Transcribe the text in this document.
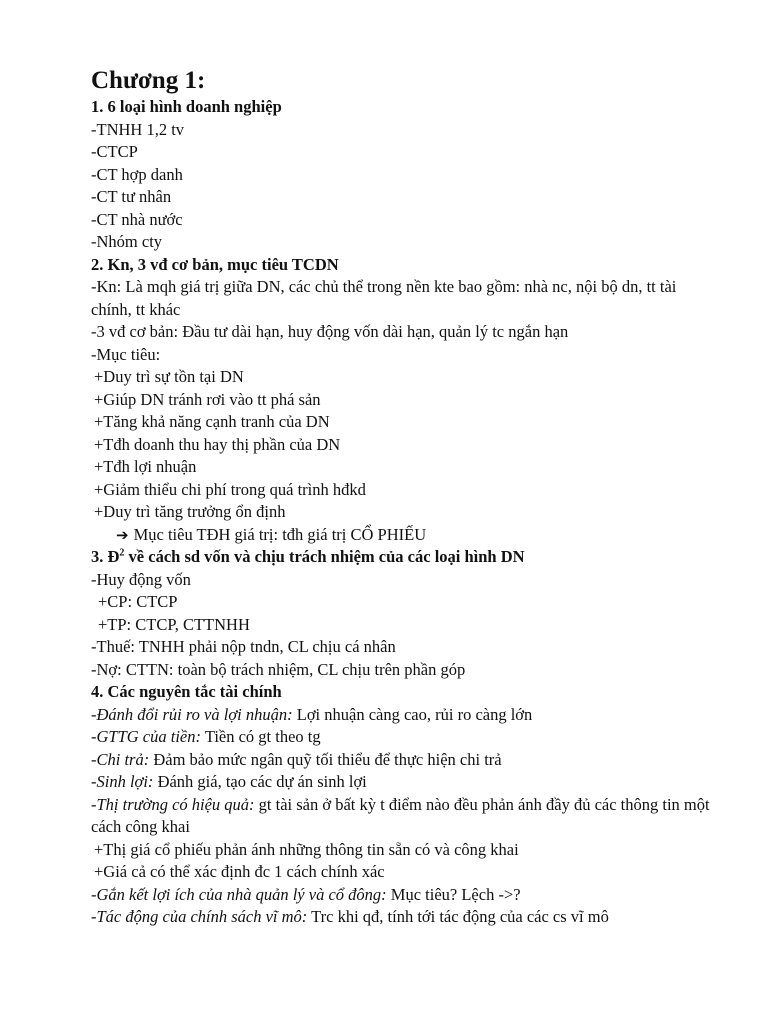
Chương 1:
1. 6 loại hình doanh nghiệp
-TNHH 1,2 tv
-CTCP
-CT hợp danh
-CT tư nhân
-CT nhà nước
-Nhóm cty
2. Kn, 3 vđ cơ bản, mục tiêu TCDN
-Kn: Là mqh giá trị giữa DN, các chủ thể trong nền kte bao gồm: nhà nc, nội bộ dn, tt tài chính, tt khác
-3 vđ cơ bản: Đầu tư dài hạn, huy động vốn dài hạn, quản lý tc ngắn hạn
-Mục tiêu:
+Duy trì sự tồn tại DN
+Giúp DN tránh rơi vào tt phá sản
+Tăng khả năng cạnh tranh của DN
+Tđh doanh thu hay thị phần của DN
+Tđh lợi nhuận
+Giảm thiểu chi phí trong quá trình hđkd
+Duy trì tăng trưởng ổn định
➔ Mục tiêu TĐH giá trị: tđh giá trị CỔ PHIẾU
3. $Đ^2$ về cách sd vốn và chịu trách nhiệm của các loại hình DN
-Huy động vốn
+CP: CTCP
+TP: CTCP, CTTNHH
-Thuế: TNHH phải nộp tndn, CL chịu cá nhân
-Nợ: CTTN: toàn bộ trách nhiệm, CL chịu trên phần góp
4. Các nguyên tắc tài chính
-Đánh đổi rủi ro và lợi nhuận: Lợi nhuận càng cao, rủi ro càng lớn
-GTTG của tiền: Tiền có gt theo tg
-Chi trả: Đảm bảo mức ngân quỹ tối thiểu để thực hiện chi trả
-Sinh lợi: Đánh giá, tạo các dự án sinh lợi
-Thị trường có hiệu quả: gt tài sản ở bất kỳ t điểm nào đều phản ánh đầy đủ các thông tin một cách công khai
+Thị giá cổ phiếu phản ánh những thông tin sẵn có và công khai
+Giá cả có thể xác định đc 1 cách chính xác
-Gắn kết lợi ích của nhà quản lý và cổ đông: Mục tiêu? Lệch ->?
-Tác động của chính sách vĩ mô: Trc khi qđ, tính tới tác động của các cs vĩ mô
